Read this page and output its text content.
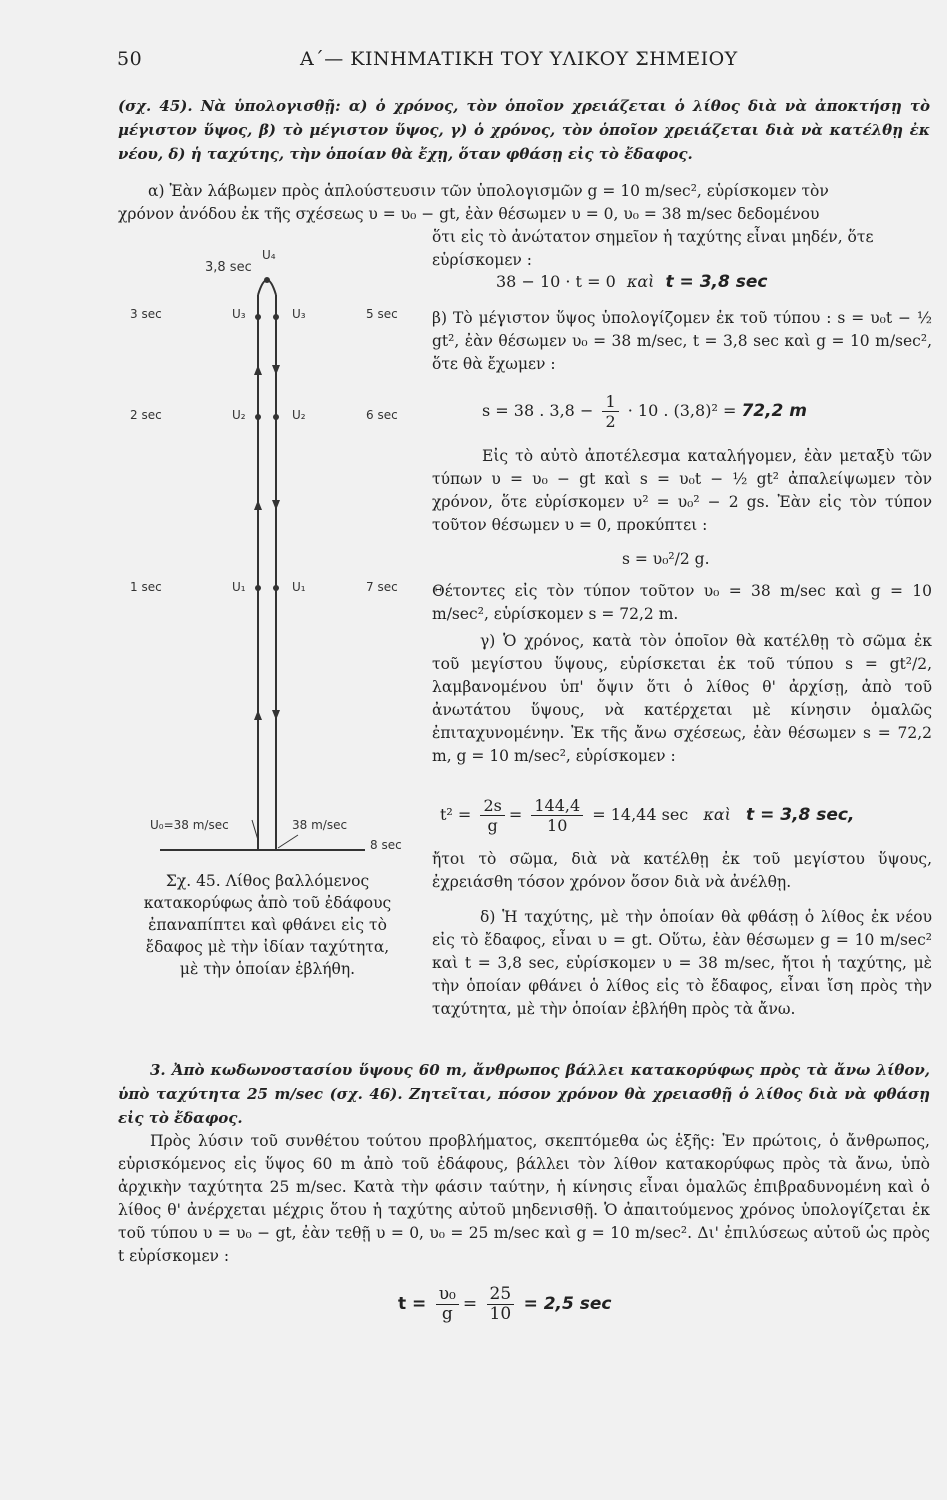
50	Α΄— ΚΙΝΗΜΑΤΙΚΗ ΤΟΥ ΥΛΙΚΟΥ ΣΗΜΕΙΟΥ
(σχ. 45). Νὰ ὑπολογισθῇ: α) ὁ χρόνος, τὸν ὁποῖον χρειάζεται ὁ λίθος διὰ νὰ ἀποκτήσῃ τὸ μέγιστον ὕψος, β) τὸ μέγιστον ὕψος, γ) ὁ χρόνος, τὸν ὁποῖον χρειάζεται διὰ νὰ κατέλθῃ ἐκ νέου, δ) ἡ ταχύτης, τὴν ὁποίαν θὰ ἔχῃ, ὅταν φθάσῃ εἰς τὸ ἔδαφος.
α) Ἐὰν λάβωμεν πρὸς ἁπλούστευσιν τῶν ὑπολογισμῶν g = 10 m/sec², εὑρίσκομεν τὸν
χρόνον ἀνόδου ἐκ τῆς σχέσεως υ = υ₀ − gt, ἐὰν θέσωμεν υ = 0, υ₀ = 38 m/sec δεδομένου
ὅτι εἰς τὸ ἀνώτατον σημεῖον ἡ ταχύτης εἶναι μηδέν, ὅτε
εὑρίσκομεν :
38 − 10 · t = 0 καὶ t = 3,8 sec
β) Τὸ μέγιστον ὕψος ὑπολογίζομεν ἐκ τοῦ τύπου : s = υ₀t − ½ gt², ἐὰν θέσωμεν υ₀ = 38 m/sec, t = 3,8 sec καὶ g = 10 m/sec², ὅτε θὰ ἔχωμεν :
s = 38 . $3,8 - \frac{1}{2} \cdot 10$ . (3,8)² = 72,2 m
Εἰς τὸ αὐτὸ ἀποτέλεσμα καταλήγομεν, ἐὰν μεταξὺ τῶν τύπων υ = υ₀ − gt καὶ s = υ₀t − ½ gt² ἀπαλείψωμεν τὸν χρόνον, ὅτε εὑρίσκομεν υ² = υ₀² − 2 gs. Ἐὰν εἰς τὸν τύπον τοῦτον θέσωμεν υ = 0, προκύπτει :
s = υ₀²/2 g.
Θέτοντες εἰς τὸν τύπον τοῦτον υ₀ = 38 m/sec καὶ g = 10 m/sec², εὑρίσκομεν s = 72,2 m.
γ) Ὁ χρόνος, κατὰ τὸν ὁποῖον θὰ κατέλθῃ τὸ σῶμα ἐκ τοῦ μεγίστου ὕψους, εὑρίσκεται ἐκ τοῦ τύπου s = gt²/2, λαμβανομένου ὑπ' ὄψιν ὅτι ὁ λίθος θ' ἀρχίσῃ, ἀπὸ τοῦ ἀνωτάτου ὕψους, νὰ κατέρχεται μὲ κίνησιν ὁμαλῶς ἐπιταχυνομένην. Ἐκ τῆς ἄνω σχέσεως, ἐὰν θέσωμεν s = 72,2 m, g = 10 m/sec², εὑρίσκομεν :
$t^2 = \frac{2s}{g} = \frac{144,4}{10} = 14,44$ sec καὶ t = 3,8 sec,
ἤτοι τὸ σῶμα, διὰ νὰ κατέλθῃ ἐκ τοῦ μεγίστου ὕψους, ἐχρειάσθη τόσον χρόνον ὅσον διὰ νὰ ἀνέλθῃ.
δ) Ἡ ταχύτης, μὲ τὴν ὁποίαν θὰ φθάσῃ ὁ λίθος ἐκ νέου εἰς τὸ ἔδαφος, εἶναι υ = gt. Οὕτω, ἐὰν θέσωμεν g = 10 m/sec² καὶ t = 3,8 sec, εὑρίσκομεν υ = 38 m/sec, ἤτοι ἡ ταχύτης, μὲ τὴν ὁποίαν φθάνει ὁ λίθος εἰς τὸ ἔδαφος, εἶναι ἴση πρὸς τὴν ταχύτητα, μὲ τὴν ὁποίαν ἐβλήθη πρὸς τὰ ἄνω.
3,8 sec
U₄
3 sec	U₃	U₃	5 sec
2 sec	U₂	U₂	6 sec
1 sec	U₁	U₁	7 sec
U₀=38 m/sec	38 m/sec
8 sec
Σχ. 45. Λίθος βαλλόμενος κατακορύφως ἀπὸ τοῦ ἐδάφους ἐπαναπίπτει καὶ φθάνει εἰς τὸ ἔδαφος μὲ τὴν ἰδίαν ταχύτητα, μὲ τὴν ὁποίαν ἐβλήθη.
3. Ἀπὸ κωδωνοστασίου ὕψους 60 m, ἄνθρωπος βάλλει κατακορύφως πρὸς τὰ ἄνω λίθον, ὑπὸ ταχύτητα 25 m/sec (σχ. 46). Ζητεῖται, πόσον χρόνον θὰ χρειασθῇ ὁ λίθος διὰ νὰ φθάσῃ εἰς τὸ ἔδαφος.
Πρὸς λύσιν τοῦ συνθέτου τούτου προβλήματος, σκεπτόμεθα ὡς ἑξῆς: Ἐν πρώτοις, ὁ ἄνθρωπος, εὑρισκόμενος εἰς ὕψος 60 m ἀπὸ τοῦ ἐδάφους, βάλλει τὸν λίθον κατακορύφως πρὸς τὰ ἄνω, ὑπὸ ἀρχικὴν ταχύτητα 25 m/sec. Κατὰ τὴν φάσιν ταύτην, ἡ κίνησις εἶναι ὁμαλῶς ἐπιβραδυνομένη καὶ ὁ λίθος θ' ἀνέρχεται μέχρις ὅτου ἡ ταχύτης αὐτοῦ μηδενισθῇ. Ὁ ἀπαιτούμενος χρόνος ὑπολογίζεται ἐκ τοῦ τύπου υ = υ₀ − gt, ἐὰν τεθῇ υ = 0, υ₀ = 25 m/sec καὶ g = 10 m/sec². Δι' ἐπιλύσεως αὐτοῦ ὡς πρὸς t εὑρίσκομεν :
$t = \frac{\text{υ₀}}{g} = \frac{25}{10} = 2,5$ sec
